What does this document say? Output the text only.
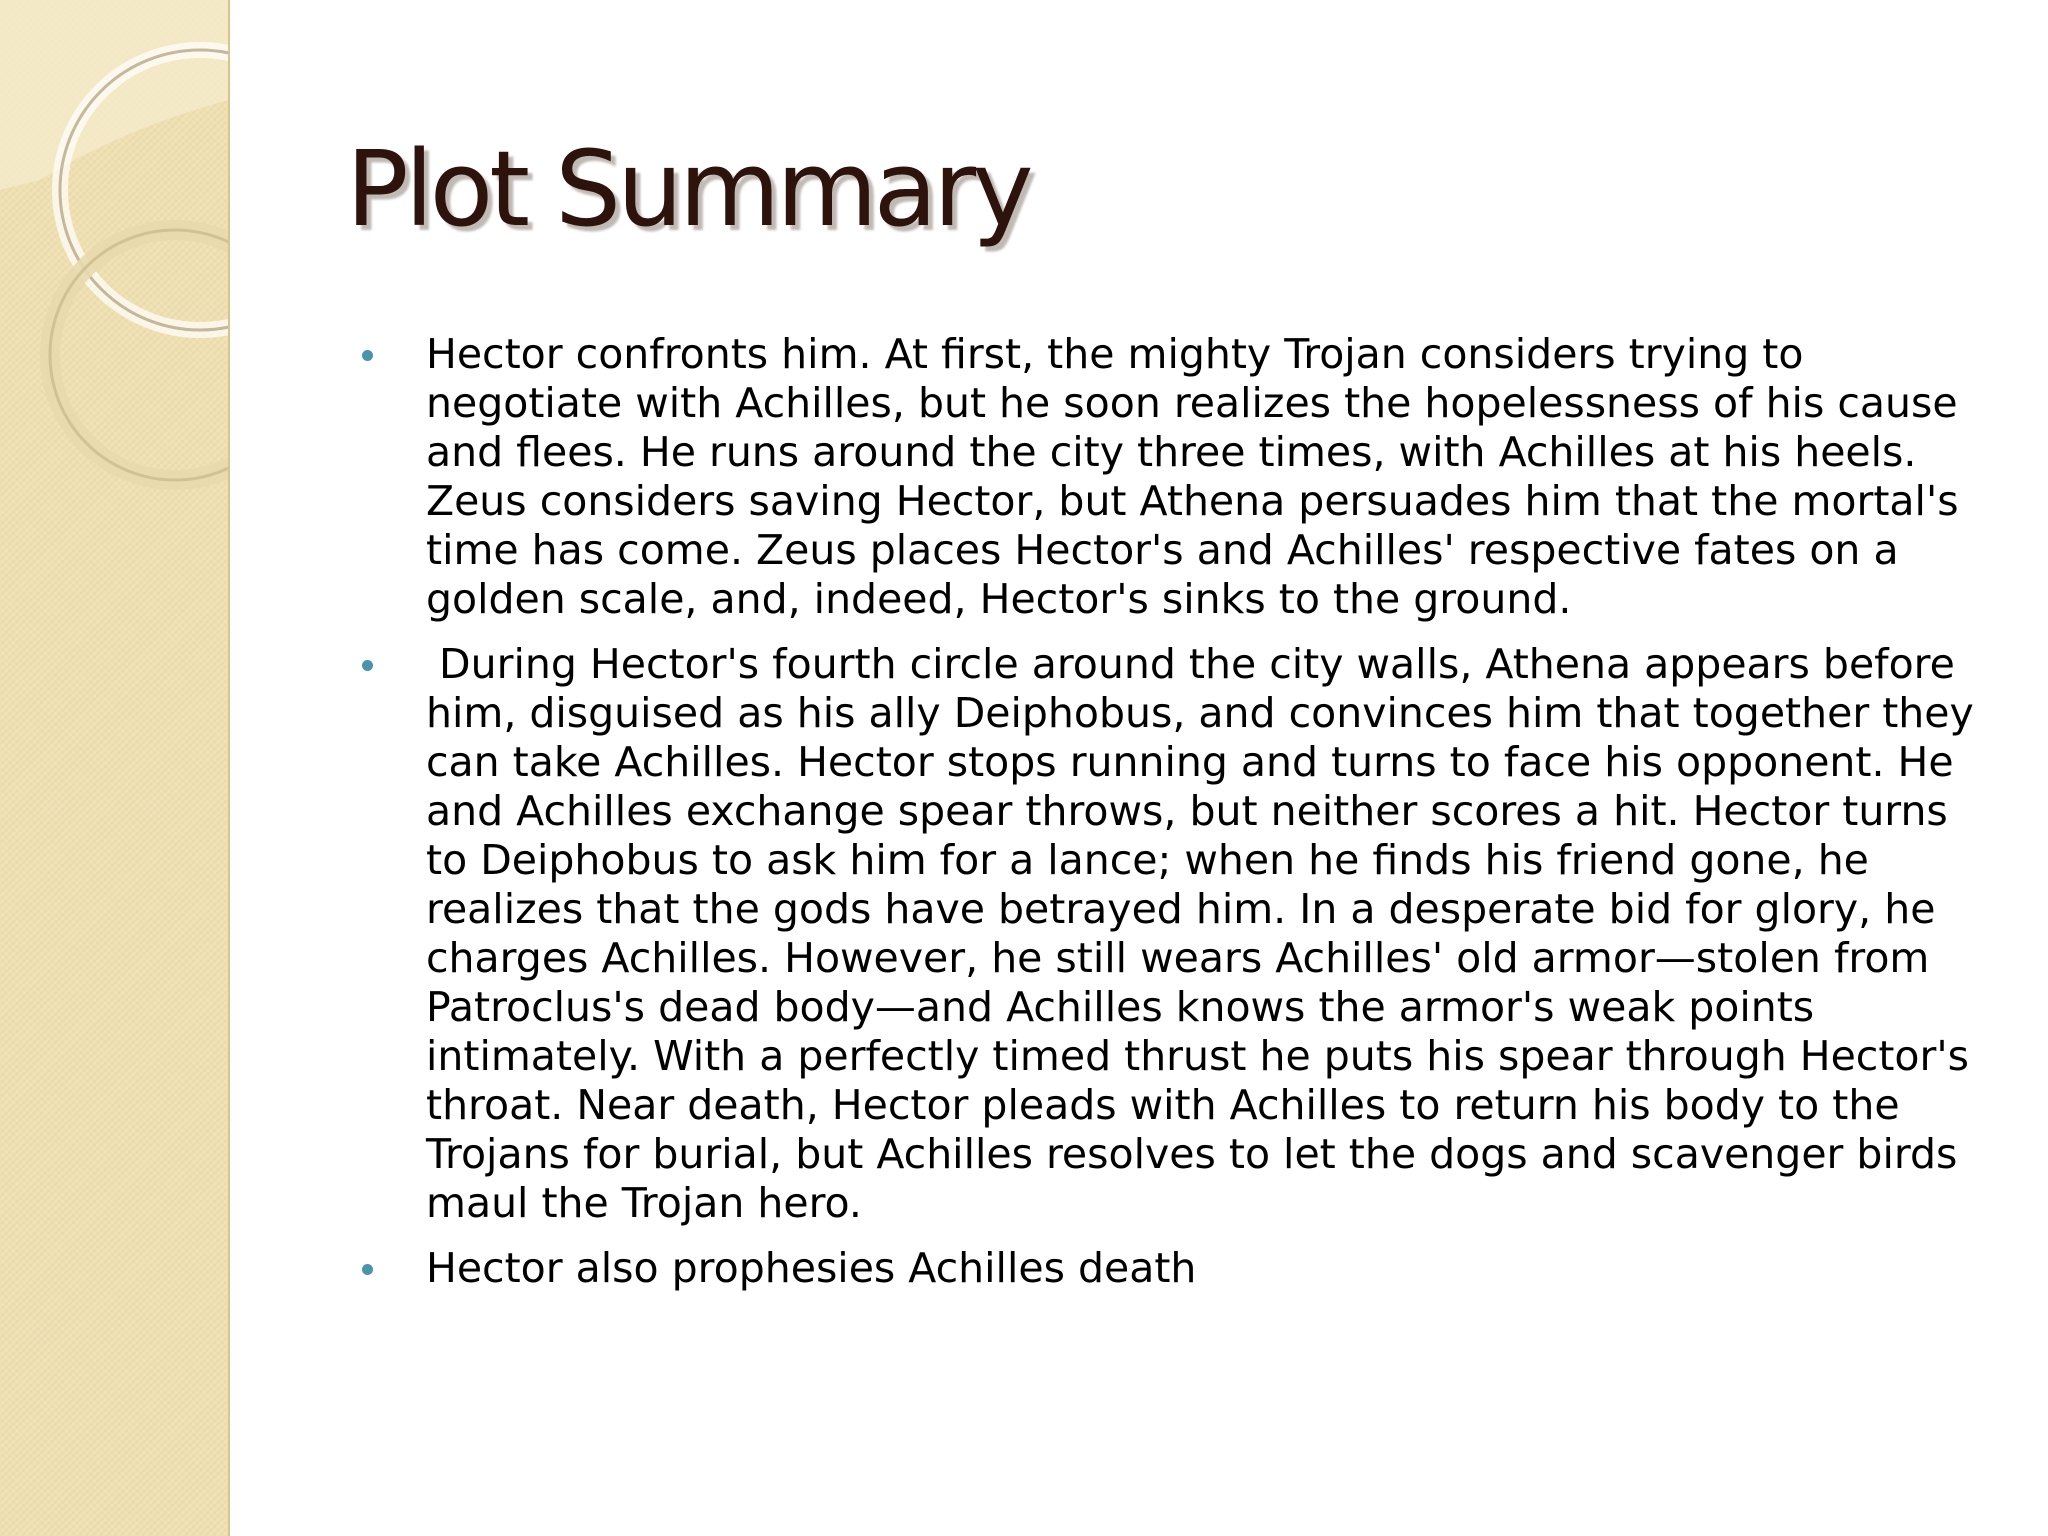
Plot Summary
Hector confronts him. At first, the mighty Trojan considers trying to negotiate with Achilles, but he soon realizes the hopelessness of his cause and flees. He runs around the city three times, with Achilles at his heels. Zeus considers saving Hector, but Athena persuades him that the mortal's time has come. Zeus places Hector's and Achilles' respective fates on a golden scale, and, indeed, Hector's sinks to the ground.
During Hector's fourth circle around the city walls, Athena appears before him, disguised as his ally Deiphobus, and convinces him that together they can take Achilles. Hector stops running and turns to face his opponent. He and Achilles exchange spear throws, but neither scores a hit. Hector turns to Deiphobus to ask him for a lance; when he finds his friend gone, he realizes that the gods have betrayed him. In a desperate bid for glory, he charges Achilles. However, he still wears Achilles' old armor—stolen from Patroclus's dead body—and Achilles knows the armor's weak points intimately. With a perfectly timed thrust he puts his spear through Hector's throat. Near death, Hector pleads with Achilles to return his body to the Trojans for burial, but Achilles resolves to let the dogs and scavenger birds maul the Trojan hero.
Hector also prophesies Achilles death
